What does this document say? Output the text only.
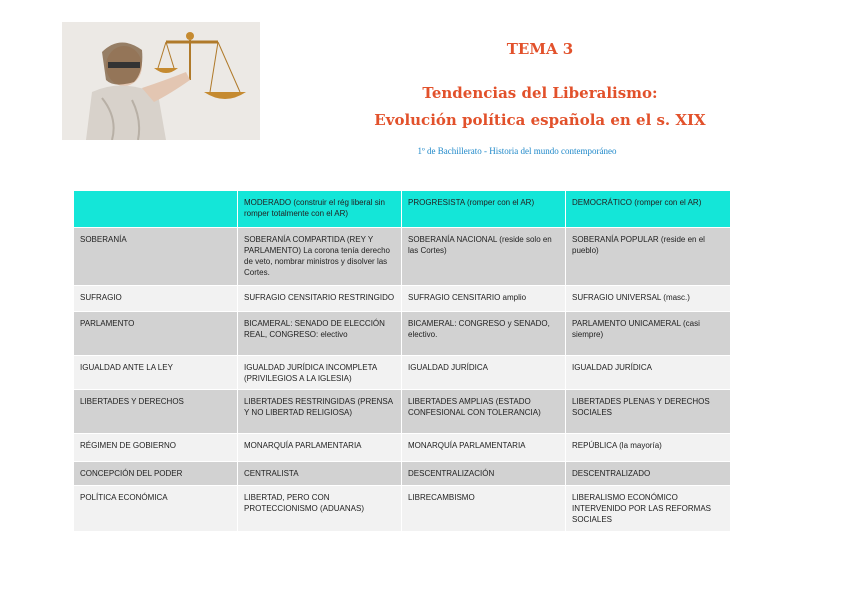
TEMA 3
Tendencias del Liberalismo:
Evolución política española en el s. XIX
1º de Bachillerato - Historia del mundo contemporáneo
	MODERADO (construir el rég liberal sin romper totalmente con el AR)	PROGRESISTA (romper con el AR)	DEMOCRÁTICO (romper con el AR)
SOBERANÍA	SOBERANÍA COMPARTIDA (REY Y PARLAMENTO) La corona tenía derecho de veto, nombrar ministros y disolver las Cortes.	SOBERANÍA NACIONAL (reside solo en las Cortes)	SOBERANÍA POPULAR (reside en el pueblo)
SUFRAGIO	SUFRAGIO CENSITARIO RESTRINGIDO	SUFRAGIO CENSITARIO amplio	SUFRAGIO UNIVERSAL (masc.)
PARLAMENTO	BICAMERAL: SENADO DE ELECCIÓN REAL, CONGRESO: electivo	BICAMERAL: CONGRESO y SENADO, electivo.	PARLAMENTO UNICAMERAL (casi siempre)
IGUALDAD ANTE LA LEY	IGUALDAD JURÍDICA INCOMPLETA (PRIVILEGIOS A LA IGLESIA)	IGUALDAD JURÍDICA	IGUALDAD JURÍDICA
LIBERTADES Y DERECHOS	LIBERTADES RESTRINGIDAS (PRENSA Y NO LIBERTAD RELIGIOSA)	LIBERTADES AMPLIAS (ESTADO CONFESIONAL CON TOLERANCIA)	LIBERTADES PLENAS Y DERECHOS SOCIALES
RÉGIMEN DE GOBIERNO	MONARQUÍA PARLAMENTARIA	MONARQUÍA PARLAMENTARIA	REPÚBLICA (la mayoría)
CONCEPCIÓN DEL PODER	CENTRALISTA	DESCENTRALIZACIÓN	DESCENTRALIZADO
POLÍTICA ECONÓMICA	LIBERTAD, PERO CON PROTECCIONISMO (ADUANAS)	LIBRECAMBISMO	LIBERALISMO ECONÓMICO INTERVENIDO POR LAS REFORMAS SOCIALES
